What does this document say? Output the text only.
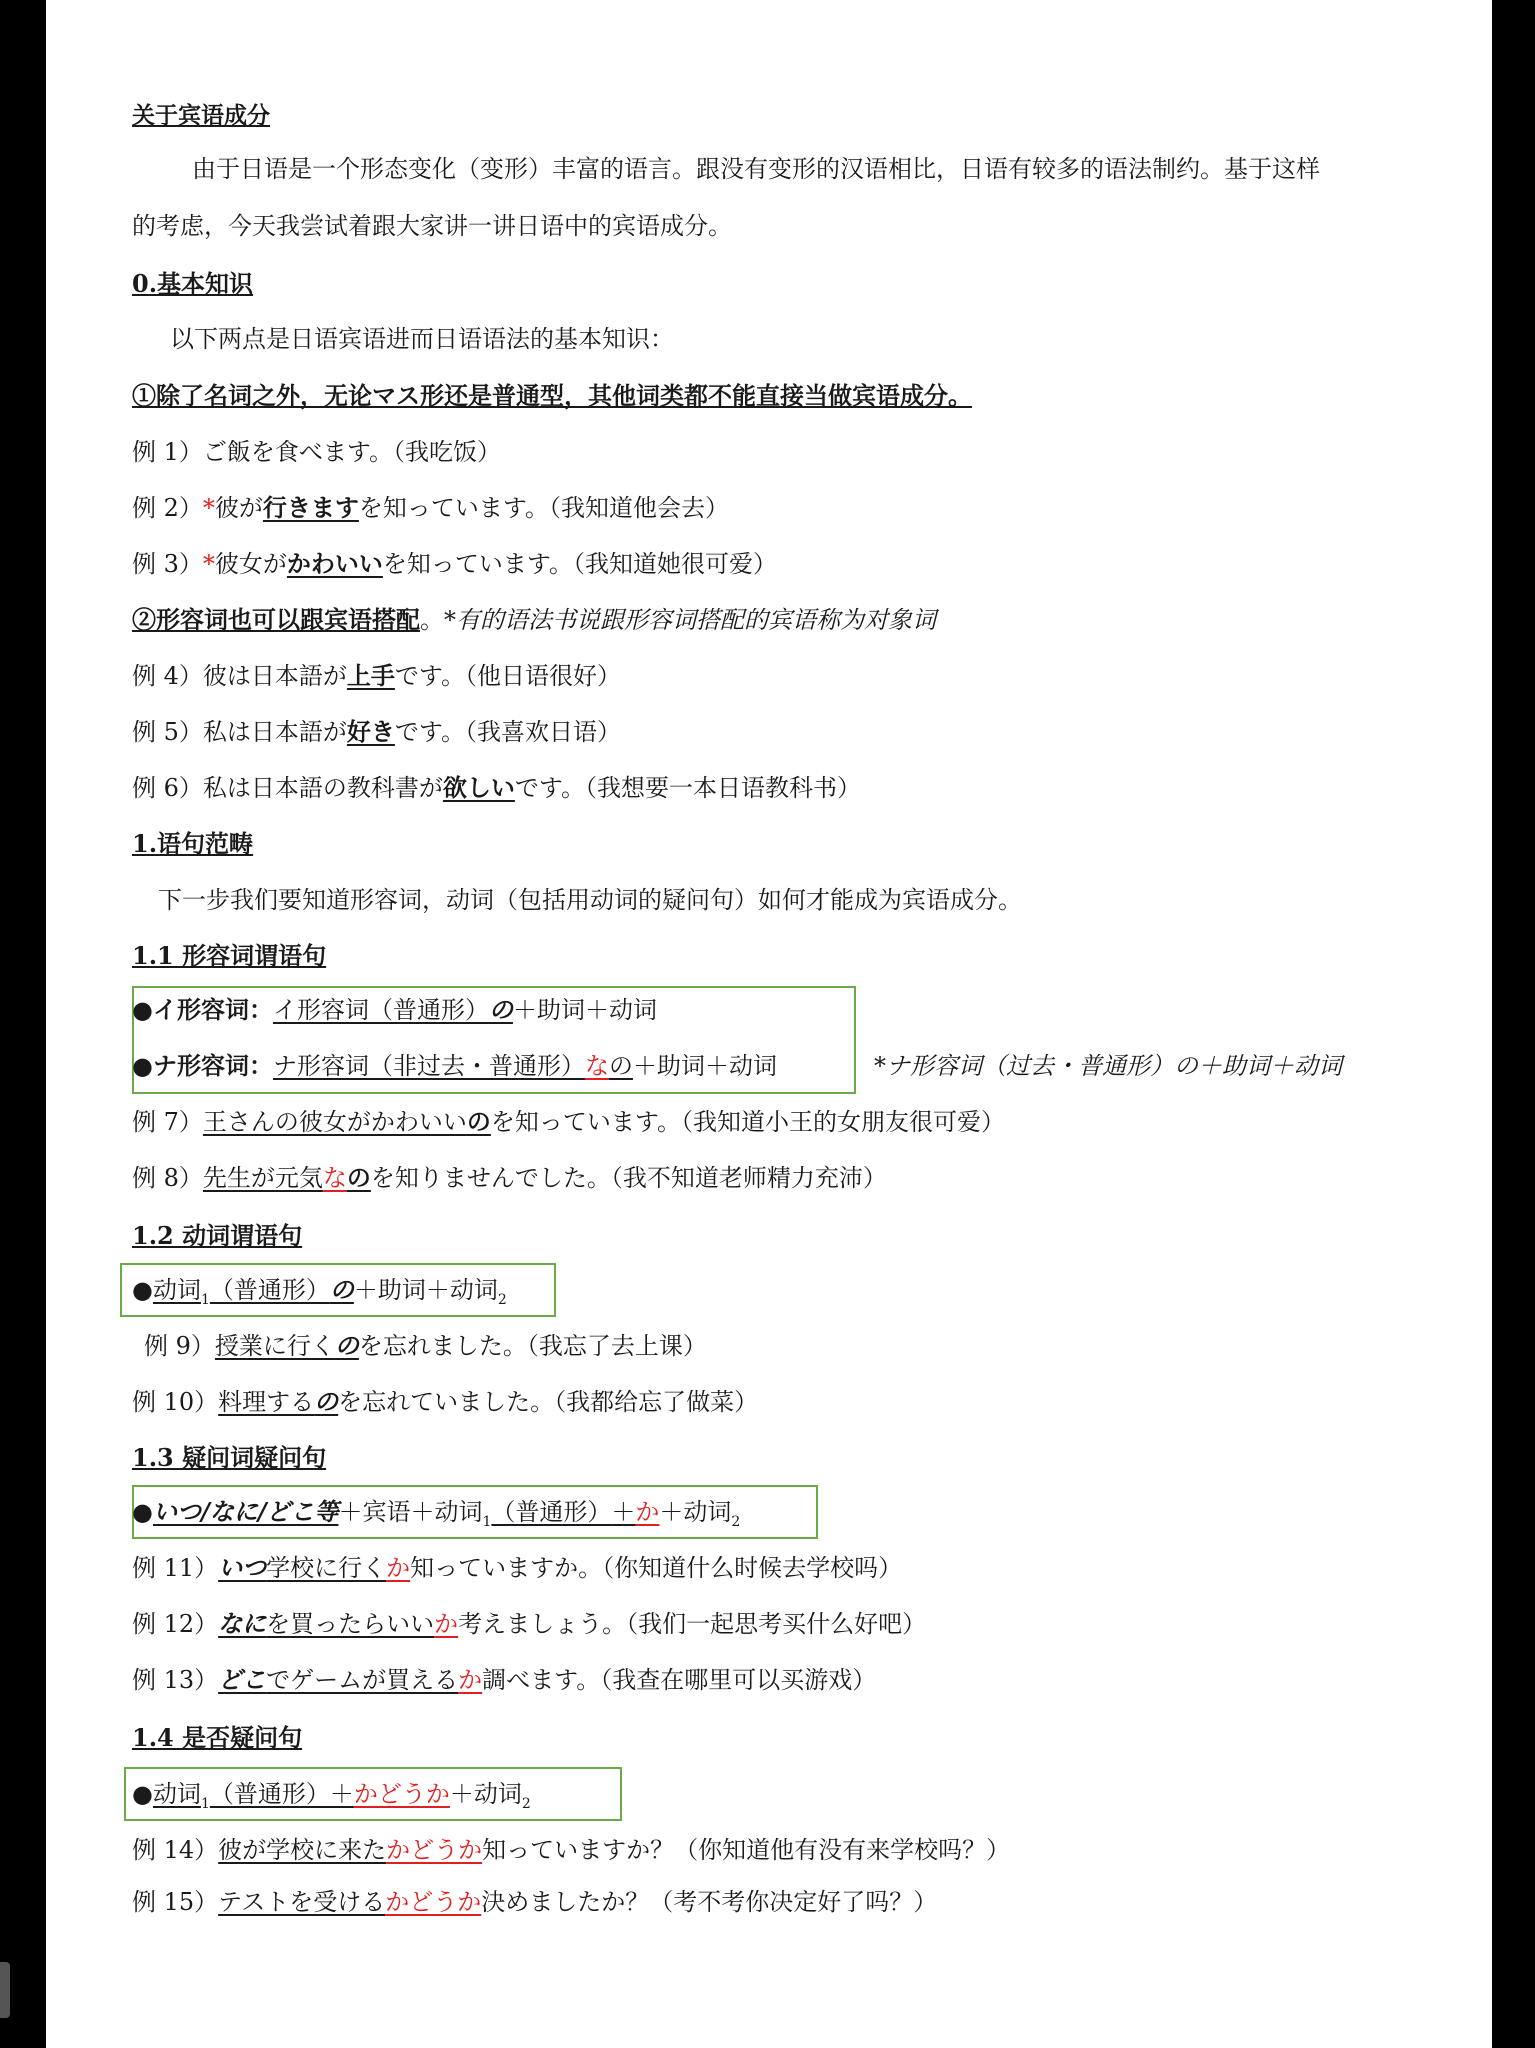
关于宾语成分
由于日语是一个形态变化（变形）丰富的语言。跟没有变形的汉语相比，日语有较多的语法制约。基于这样
的考虑，今天我尝试着跟大家讲一讲日语中的宾语成分。
0.基本知识
以下两点是日语宾语进而日语语法的基本知识：
①除了名词之外，无论マス形还是普通型，其他词类都不能直接当做宾语成分。
例 1）ご飯を食べます。（我吃饭）
例 2）*彼が行きますを知っています。（我知道他会去）
例 3）*彼女がかわいいを知っています。（我知道她很可爱）
②形容词也可以跟宾语搭配。*有的语法书说跟形容词搭配的宾语称为对象词
例 4）彼は日本語が上手です。（他日语很好）
例 5）私は日本語が好きです。（我喜欢日语）
例 6）私は日本語の教科書が欲しいです。（我想要一本日语教科书）
1.语句范畴
下一步我们要知道形容词，动词（包括用动词的疑问句）如何才能成为宾语成分。
1.1 形容词谓语句
●イ形容词：イ形容词（普通形）の＋助词＋动词
●ナ形容词：ナ形容词（非过去・普通形）なの＋助词＋动词	*ナ形容词（过去・普通形）の＋助词＋动词
例 7）王さんの彼女がかわいいのを知っています。（我知道小王的女朋友很可爱）
例 8）先生が元気なのを知りませんでした。（我不知道老师精力充沛）
1.2 动词谓语句
●动词$_1$（普通形）の＋助词＋动词$_2$
例 9）授業に行くのを忘れました。（我忘了去上课）
例 10）料理するのを忘れていました。（我都给忘了做菜）
1.3 疑问词疑问句
●いつ/なに/どこ等＋宾语＋动词$_1$（普通形）＋か＋动词$_2$
例 11）いつ学校に行くか知っていますか。（你知道什么时候去学校吗）
例 12）なにを買ったらいいか考えましょう。（我们一起思考买什么好吧）
例 13）どこでゲームが買えるか調べます。（我查在哪里可以买游戏）
1.4 是否疑问句
●动词$_1$（普通形）＋かどうか＋动词$_2$
例 14）彼が学校に来たかどうか知っていますか？（你知道他有没有来学校吗？）
例 15）テストを受けるかどうか決めましたか？（考不考你决定好了吗？）
